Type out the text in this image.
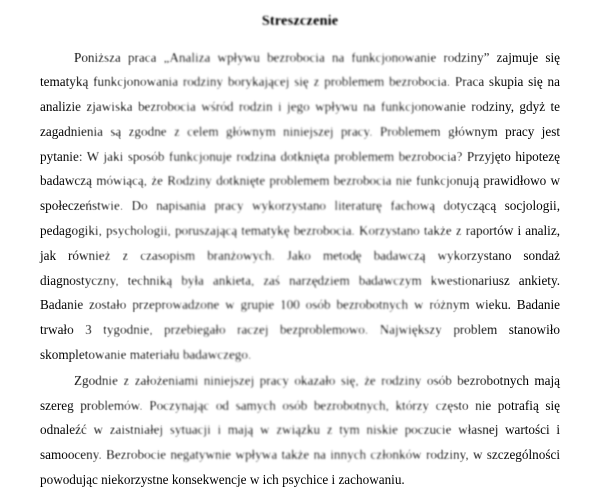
Streszczenie

Poniższa praca „Analiza wpływu bezrobocia na funkcjonowanie rodziny” zajmuje się tematyką funkcjonowania rodziny borykającej się z problemem bezrobocia. Praca skupia się na analizie zjawiska bezrobocia wśród rodzin i jego wpływu na funkcjonowanie rodziny, gdyż te zagadnienia są zgodne z celem głównym niniejszej pracy. Problemem głównym pracy jest pytanie: W jaki sposób funkcjonuje rodzina dotknięta problemem bezrobocia? Przyjęto hipotezę badawczą mówiącą, że Rodziny dotknięte problemem bezrobocia nie funkcjonują prawidłowo w społeczeństwie. Do napisania pracy wykorzystano literaturę fachową dotyczącą socjologii, pedagogiki, psychologii, poruszającą tematykę bezrobocia. Korzystano także z raportów i analiz, jak również z czasopism branżowych. Jako metodę badawczą wykorzystano sondaż diagnostyczny, techniką była ankieta, zaś narzędziem badawczym kwestionariusz ankiety. Badanie zostało przeprowadzone w grupie 100 osób bezrobotnych w różnym wieku. Badanie trwało 3 tygodnie, przebiegało raczej bezproblemowo. Największy problem stanowiło skompletowanie materiału badawczego.

Zgodnie z założeniami niniejszej pracy okazało się, że rodziny osób bezrobotnych mają szereg problemów. Poczynając od samych osób bezrobotnych, którzy często nie potrafią się odnaleźć w zaistniałej sytuacji i mają w związku z tym niskie poczucie własnej wartości i samooceny. Bezrobocie negatywnie wpływa także na innych członków rodziny, w szczególności powodując niekorzystne konsekwencje w ich psychice i zachowaniu.
